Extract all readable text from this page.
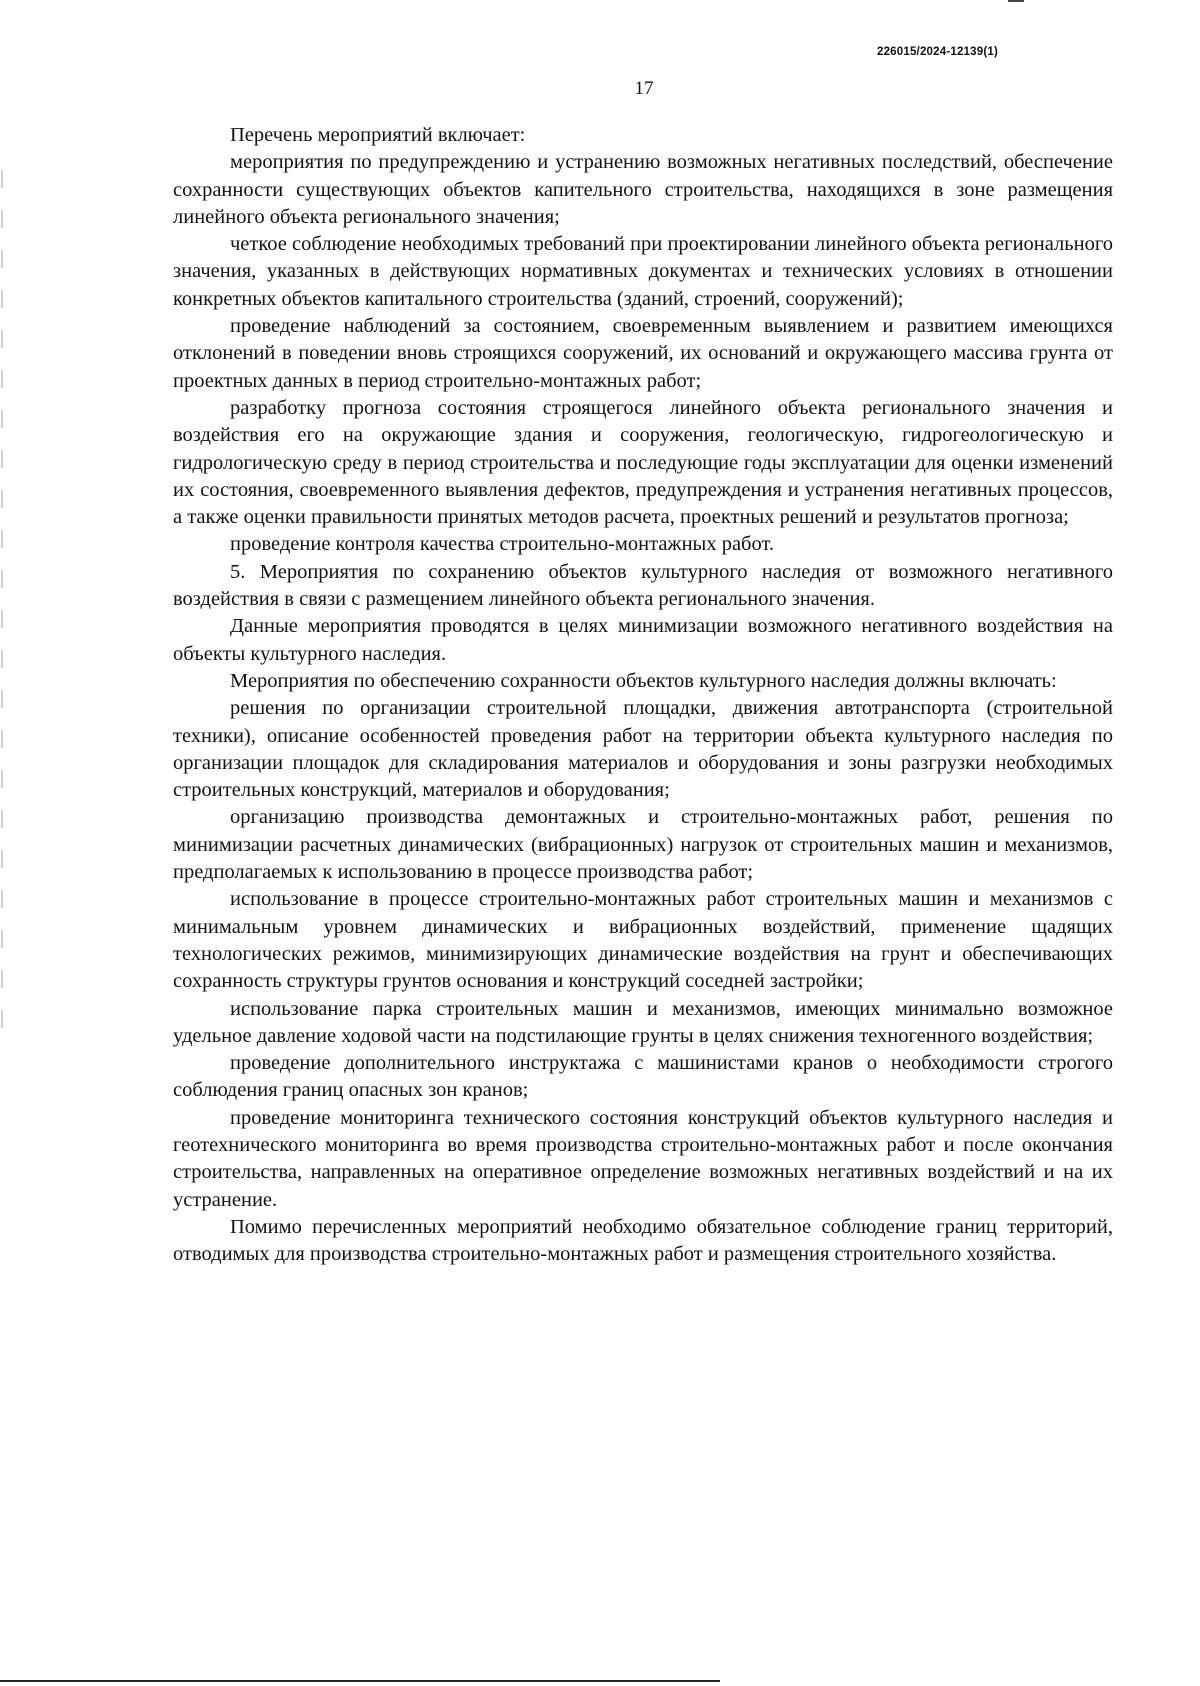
226015/2024-12139(1)
17

Перечень мероприятий включает:

мероприятия по предупреждению и устранению возможных негативных последствий, обеспечение сохранности существующих объектов капительного строительства, находящихся в зоне размещения линейного объекта регионального значения;

четкое соблюдение необходимых требований при проектировании линейного объекта регионального значения, указанных в действующих нормативных документах и технических условиях в отношении конкретных объектов капитального строительства (зданий, строений, сооружений);

проведение наблюдений за состоянием, своевременным выявлением и развитием имеющихся отклонений в поведении вновь строящихся сооружений, их оснований и окружающего массива грунта от проектных данных в период строительно-монтажных работ;

разработку прогноза состояния строящегося линейного объекта регионального значения и воздействия его на окружающие здания и сооружения, геологическую, гидрогеологическую и гидрологическую среду в период строительства и последующие годы эксплуатации для оценки изменений их состояния, своевременного выявления дефектов, предупреждения и устранения негативных процессов, а также оценки правильности принятых методов расчета, проектных решений и результатов прогноза;

проведение контроля качества строительно-монтажных работ.

5. Мероприятия по сохранению объектов культурного наследия от возможного негативного воздействия в связи с размещением линейного объекта регионального значения.

Данные мероприятия проводятся в целях минимизации возможного негативного воздействия на объекты культурного наследия.

Мероприятия по обеспечению сохранности объектов культурного наследия должны включать:

решения по организации строительной площадки, движения автотранспорта (строительной техники), описание особенностей проведения работ на территории объекта культурного наследия по организации площадок для складирования материалов и оборудования и зоны разгрузки необходимых строительных конструкций, материалов и оборудования;

организацию производства демонтажных и строительно-монтажных работ, решения по минимизации расчетных динамических (вибрационных) нагрузок от строительных машин и механизмов, предполагаемых к использованию в процессе производства работ;

использование в процессе строительно-монтажных работ строительных машин и механизмов с минимальным уровнем динамических и вибрационных воздействий, применение щадящих технологических режимов, минимизирующих динамические воздействия на грунт и обеспечивающих сохранность структуры грунтов основания и конструкций соседней застройки;

использование парка строительных машин и механизмов, имеющих минимально возможное удельное давление ходовой части на подстилающие грунты в целях снижения техногенного воздействия;

проведение дополнительного инструктажа с машинистами кранов о необходимости строгого соблюдения границ опасных зон кранов;

проведение мониторинга технического состояния конструкций объектов культурного наследия и геотехнического мониторинга во время производства строительно-монтажных работ и после окончания строительства, направленных на оперативное определение возможных негативных воздействий и на их устранение.

Помимо перечисленных мероприятий необходимо обязательное соблюдение границ территорий, отводимых для производства строительно-монтажных работ и размещения строительного хозяйства.
